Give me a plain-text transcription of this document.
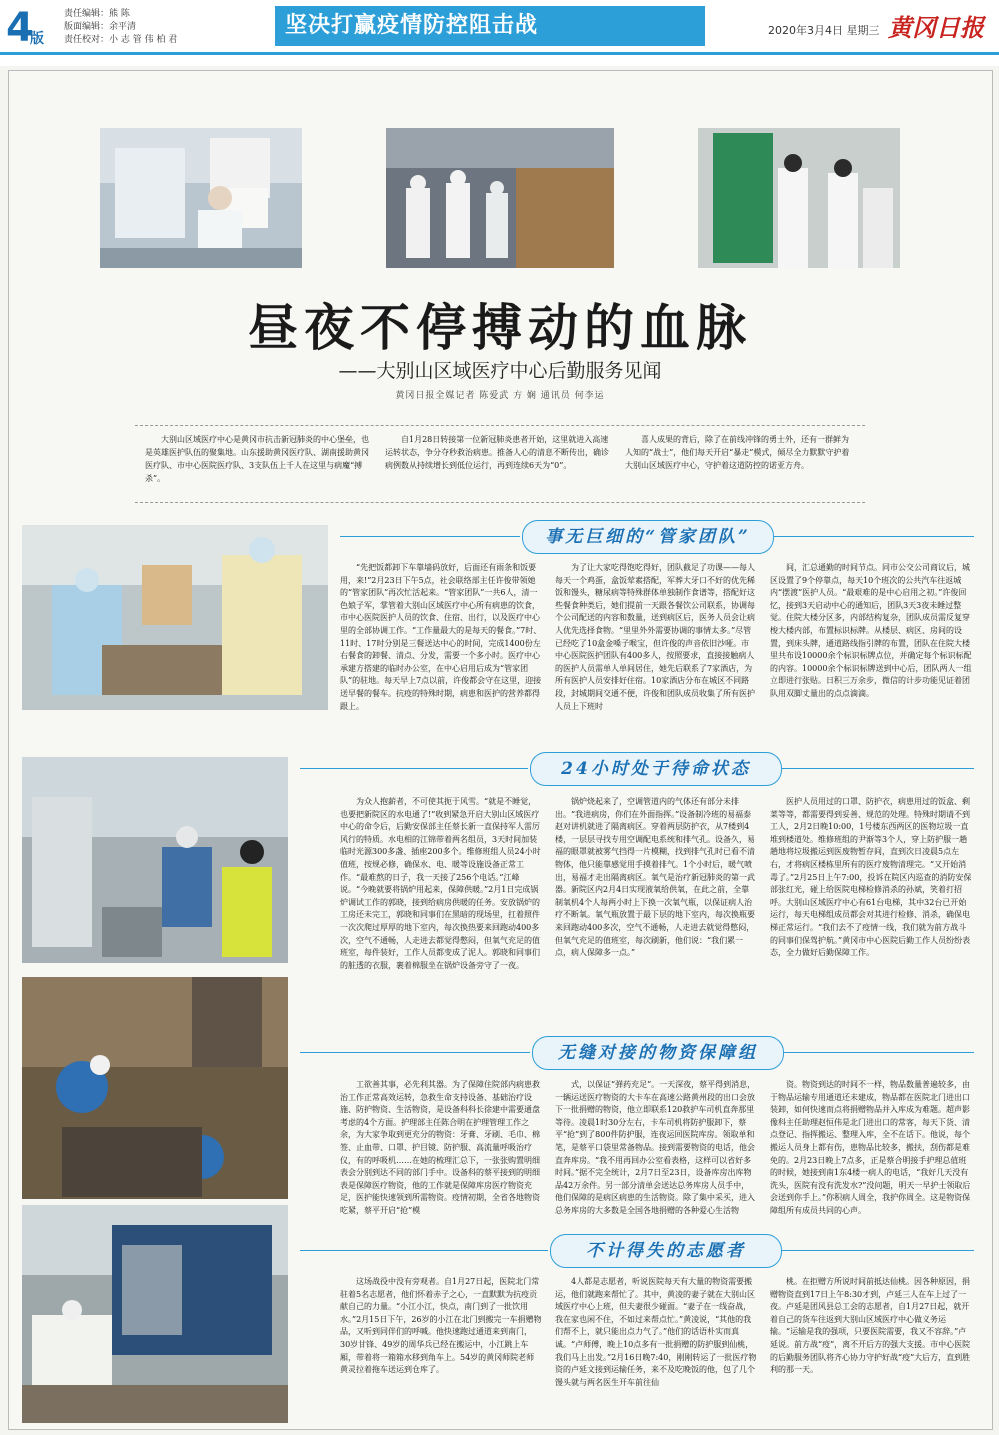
4
版
责任编辑：熊 陈
版面编辑：余平清
责任校对：小 志 管 伟 柏 君
坚决打赢疫情防控阻击战	2020年3月4日 星期三 黄冈日报
昼夜不停搏动的血脉
——大别山区域医疗中心后勤服务见闻
黄冈日报全媒记者 陈爱武 方 娴 通讯员 何李运
大别山区域医疗中心是黄冈市抗击新冠肺炎的中心堡垒，也是英雄医护队伍的聚集地。山东援助黄冈医疗队、湖南援助黄冈医疗队、市中心医院医疗队、3支队伍上千人在这里与病魔“搏杀”。
自1月28日转接第一位新冠肺炎患者开始，这里就进入高速运转状态，争分夺秒救治病患。推备人心的清息不断传出，确诊病例数从持续增长到低位运行，再到连续6天为“0”。
喜人成果的背后，除了在前线冲锋的勇士外，还有一群鲜为人知的“战士”，他们每天开启“暴走”模式，倾尽全力默默守护着大别山区域医疗中心，守护着这道防控的诺亚方舟。
事无巨细的“管家团队”
“先把饭都卸下车靠墙码放好，后面还有雨条和饭要用，来!”2月23日下午5点，社会联络部主任许俊带领她的“管家团队”再次忙活起来。“管家团队”一共6人，清一色娘子军，掌管着大别山区域医疗中心所有病患的饮食，市中心医院医护人员的饮食、住宿、出行，以及医疗中心里的全部协调工作。“工作量最大的是每天的餐食。”7时、11时、17时分别是三餐送达中心的时间，完成1400份左右餐食的卸餐、清点、分发，需要一个多小时。医疗中心承建方搭建的临时办公室，在中心启用后成为“管家团队”的驻地。每天早上7点以前，许俊都会守在这里，迎接送早餐的餐车。抗疫的特殊时期，病患和医护的营养都得跟上。
为了让大家吃得饱吃得好，团队截足了功课——每人每天一个鸡蛋，盒饭荤素搭配，军葬大牙口不好的优先稀饭和馒头，糖尿病等特殊群体单独制作食谱等，搭配好这些餐食种类后，她们提前一天跟各餐饮公司联系，协调每个公司配送的内容和数量，送到病区后，医务人员会让病人优先选择食物。“里里外外需要协调的事情太多。”尽管已经吃了10盒金嗓子喉宝，但许俊的声音依旧沙哑。市中心医院医护团队有400多人，按照要求，直接接触病人的医护人员需单人单间居住，她先后联系了7家酒店，为所有医护人员安排好住宿。10家酒店分布在城区不同路段，封城期间交通不便，许俊和团队成员收集了所有医护人员上下班时
间，汇总通勤的时间节点。同市公交公司商议后，城区设置了9个停靠点，每天10个班次的公共汽车往返城内“摆渡”医护人员。“最艰难的是中心启用之初。”许俊回忆，接到3天启动中心的通知后，团队3天3夜未睡过整觉。住院大楼分区多，内部结构复杂，团队成员需反复穿梭大楼内部，布置标识标牌。从楼层、病区、房间的设置，到床头牌，通道路线指引牌的布置，团队在住院大楼里共布设10000余个标识标牌点位，并确定每个标识标配的内容。10000余个标识标牌送到中心后，团队两人一组立即进行张贴。日积三万余步，微信的计步功能见证着团队用双脚丈量出的点点滴滴。
24小时处于待命状态
为众人抱薪者，不可使其扼于风雪。“就是不睡觉，也要把新院区的水电通了!”收到紧急开启大别山区域医疗中心的命令后，后勤安保部主任蔡长新一直保持军人雷厉风行的特质。水电相的江锦带着两名组员，3天时间加装临时光源300多盏、插座200多个。维修班组人员24小时值班，按规必修，确保水、电、暖等设施设备正常工作。“最难熬的日子，我一天接了256个电话。”江峰说。“今晚就要将锅炉用起来，保障供暖。”2月1日完成锅炉调试工作的郭晓，接到给病房供暖的任务。安放锅炉的工房还未完工，郭晓和同事们在黑暗的现场里，扛着照件一次次爬过厚厚的地下室内，每次换热要来回跑动400多次，空气不通畅，人走进去都觉得憋闷，但氧气充足的值班室，每件装好，工作人员都变成了泥人。郭晓和同事们的脏透的衣服，裹着棉服坐在锅炉设备旁守了一夜。
锅炉烧起来了，空调管道内的气体还有部分未排出。“我进病房，你们在外面指挥。”设备制冷班的易福泰赵对讲机就进了隔离病区。穿着两层防护衣，从7楼到4楼，一层层寻找专用空调配电系统和排气孔。设备久，易福的眼罩就被雾气挡得一片模糊，找到排气孔时已看不清物体，他只能靠感觉用手摸着排气。1个小时后，暖气喷出，易福才走出隔离病区。氧气是治疗新冠肺炎的第一武器。新院区内2月4日实现液氧给供氧，在此之前，全靠制氧机4个人每两小时上下换一次氧气瓶，以保证病人治疗不断氧。氧气瓶放置于最下层的地下室内，每次换瓶要来回跑动400多次，空气不通畅，人走进去就觉得憋闷，但氧气充足的值班室，每次刷新，他们说：“我们累一点，病人保障多一点。”
医护人员用过的口罩、防护衣，病患用过的饭盒、剩菜等等，都需要得到妥善、规范的处理。特殊时期请不到工人，2月2日晚10:00，1号楼东西两区的医物垃圾一直堆到楼道处。维修班组的尹渐等3个人，穿上防护服一趟趟地将垃圾搬运到医废物暂存间，直到次日凌晨5点左右，才将病区楼栋里所有的医疗废物清理完。“又开始消毒了。”2月25日上午7:00，投诉在院区内巡查的消防安保部张红光，碰上给医院电梯检修消杀的孙斌，笑着打招呼。大别山区域医疗中心有61台电梯，其中32台已开始运行，每天电梯组成员都会对其进行检修、消杀，确保电梯正常运行。“我们去不了疫情一线，我们就为前方战斗的同事们保驾护航。”黄冈市中心医院后勤工作人员纷纷表态，全力做好后勤保障工作。
无缝对接的物资保障组
工欲善其事，必先利其器。为了保障住院部内病患救治工作正常高效运转，急救生命支持设备、基础治疗设施、防护物资、生活物资，是设备科科长徐建中需要通盘考虑的4个方面。护理部主任陈合明在护理管理工作之余，为大家争取到更充分的物资：牙膏、牙刷、毛巾、棉签、止血带、口罩、护目镜、防护服、高流量呼吸治疗仪，有的呼吸机……在她的梳理汇总下，一张张购置明细表会分别到达不同的部门手中。设备科的蔡平接到的明细表是保障医疗物资，他的工作就是保障库房医疗物资充足，医护能快速领到所需物资。疫情初期，全省各地物资吃紧，蔡平开启“抢”模
式，以保证“弹药充足”。一天深夜，蔡平得到消息，一辆运送医疗物资的大卡车在高速公路黄州段的出口会放下一批捐赠的物资，他立即联系120救护车司机直奔那里等待。凌晨1时30分左右，卡车司机将防护服卸下，蔡平“抢”到了800件防护服，连夜运回医院库房。领取单和笔，是蔡平口袋里常备物品。接到需要物资的电话，他会直奔库房。“我不用再回办公室看表格，这样可以省好多时间。”据不完全统计，2月7日至23日，设备库房出库物品42万余件。另一部分清单会送达总务库房人员手中，他们保障的是病区病患的生活物资。除了集中采买，进入总务库房的大多数是全国各地捐赠的各种爱心生活物
资。物资到达的时间不一样，物品数量普遍较多，由于物品运输专用通道还未建成，物品都在医院北门进出口装卸，如何快速而点将捐赠物品并入库成为难题。超声影像科主任助理赵恒伟是北门进出口的常客，每天下货、清点登记、指挥搬运、整理入库，全不在话下。他说，每个搬运人员身上都有伤，患物品比较多，搬扶，刮伤都是难免的。2月23日晚上7点多，正是蔡合明接手护理总值班的时候，她接到南1东4楼一病人的电话，“我好几天没有洗头，医院有没有洗发水?”没问题，明天一早护士领取后会送到你手上。”你积病人周全，我护你周全。这是物资保障组所有成员共同的心声。
不计得失的志愿者
这场战役中没有旁观者。自1月27日起，医院北门常驻着5名志愿者，他们怀着赤子之心，一直默默为抗疫贡献自己的力量。“小江小江，快点，南门到了一批饮用水。”2月15日下午，26岁的小江在北门到搬完一车捐赠物品，又听到同伴们的呼喊。他快速跑过通道来到南门，30岁甘锋、49岁的周华兵已经在搬运中，小江跳上车厢，带着将一箱箱水移到角车上。54岁的黄冈师院老师黄灵拉着拖车送运到仓库了。
4人都是志愿者，听说医院每天有大量的物资需要搬运，他们就跑来帮忙了。其中，黄凌的妻子就在大别山区域医疗中心上班，但夫妻很少碰面。“妻子在一线奋战，我在家也闲不住，不如过来帮点忙。”黄凌说，“其他的我们帮不上，就只能出点力气了。”他们的话语朴实而真诚。“卢师傅，晚上10点多有一批捐赠的防护服到仙桃，我们马上出发。”2月16日晚7:40，刚刚转运了一批医疗物资的卢延文接到运输任务，来不及吃晚饭的他，包了几个馒头就与两名医生开车前往仙
桃。在拒赠方所说时间前抵达仙桃。因各种原因，捐赠物资直到17日上午8:30才到，卢延三人在车上过了一夜。卢延是团风县总工会的志愿者，自1月27日起，就开着自己的货车往返到大别山区域医疗中心做义务运输。“运输是我的强项，只要医院需要，我又不容辞。”卢延说。前方战“疫”，离不开后方的强大支援。市中心医院的后勤服务团队将齐心协力守护好战“疫”大后方，直到胜利的那一天。
